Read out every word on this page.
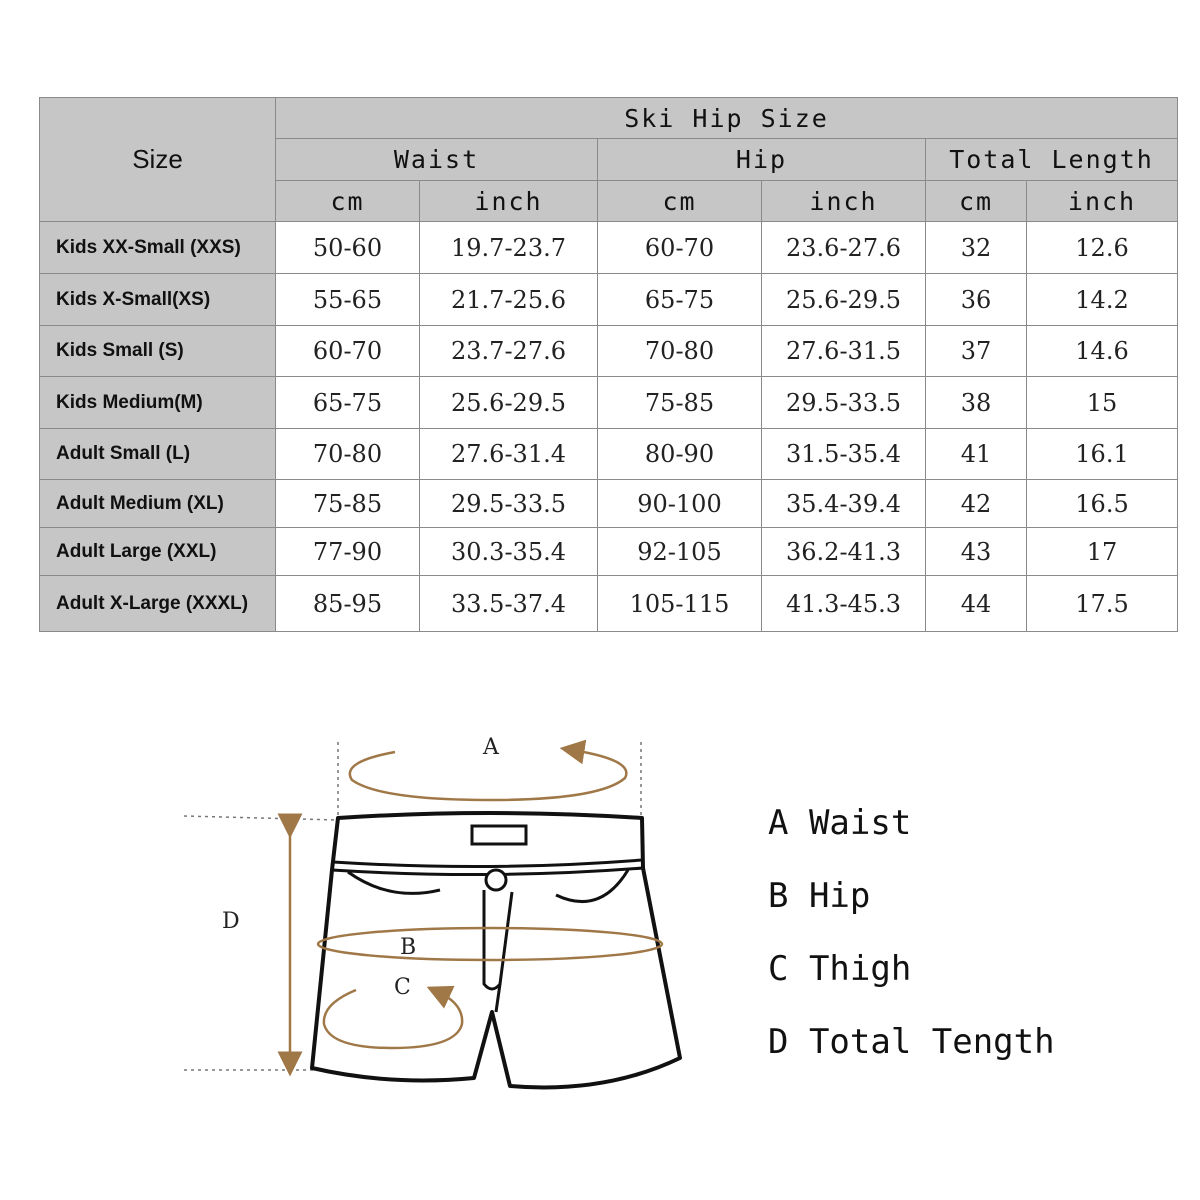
Size	Ski Hip Size					
	Waist		Hip		Total Length	
	cm	inch	cm	inch	cm	inch
Kids XX-Small (XXS)	50-60	19.7-23.7	60-70	23.6-27.6	32	12.6
Kids X-Small(XS)	55-65	21.7-25.6	65-75	25.6-29.5	36	14.2
Kids Small (S)	60-70	23.7-27.6	70-80	27.6-31.5	37	14.6
Kids Medium(M)	65-75	25.6-29.5	75-85	29.5-33.5	38	15
Adult Small (L)	70-80	27.6-31.4	80-90	31.5-35.4	41	16.1
Adult Medium (XL)	75-85	29.5-33.5	90-100	35.4-39.4	42	16.5
Adult Large (XXL)	77-90	30.3-35.4	92-105	36.2-41.3	43	17
Adult X-Large (XXXL)	85-95	33.5-37.4	105-115	41.3-45.3	44	17.5
A
B
C
D
A Waist
B Hip
C Thigh
D Total Tength
